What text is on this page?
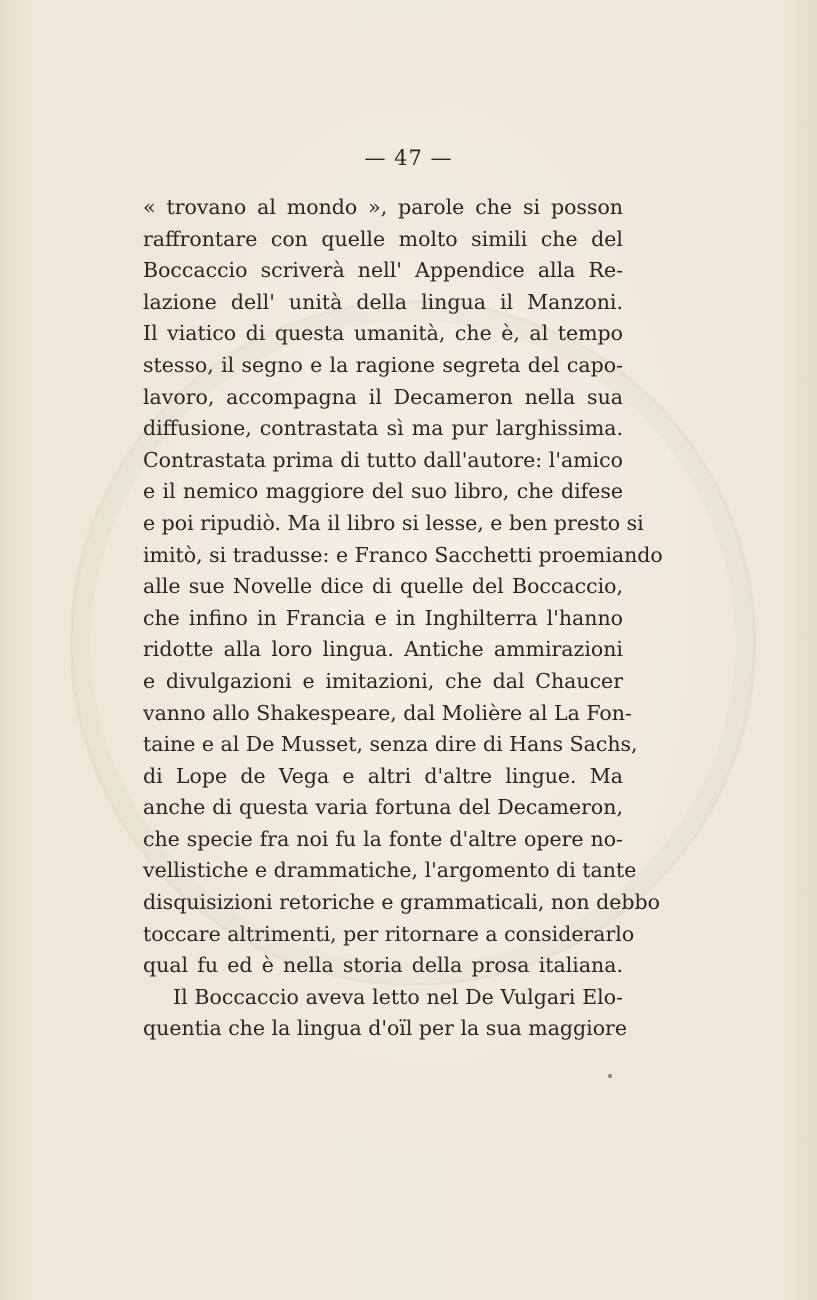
— 47 —
« trovano al mondo », parole che si posson
raffrontare con quelle molto simili che del
Boccaccio scriverà nell' Appendice alla Re-
lazione dell' unità della lingua il Manzoni.
Il viatico di questa umanità, che è, al tempo
stesso, il segno e la ragione segreta del capo-
lavoro, accompagna il Decameron nella sua
diffusione, contrastata sì ma pur larghissima.
Contrastata prima di tutto dall'autore: l'amico
e il nemico maggiore del suo libro, che difese
e poi ripudiò. Ma il libro si lesse, e ben presto si
imitò, si tradusse: e Franco Sacchetti proemiando
alle sue Novelle dice di quelle del Boccaccio,
che infino in Francia e in Inghilterra l'hanno
ridotte alla loro lingua. Antiche ammirazioni
e divulgazioni e imitazioni, che dal Chaucer
vanno allo Shakespeare, dal Molière al La Fon-
taine e al De Musset, senza dire di Hans Sachs,
di Lope de Vega e altri d'altre lingue. Ma
anche di questa varia fortuna del Decameron,
che specie fra noi fu la fonte d'altre opere no-
vellistiche e drammatiche, l'argomento di tante
disquisizioni retoriche e grammaticali, non debbo
toccare altrimenti, per ritornare a considerarlo
qual fu ed è nella storia della prosa italiana.
Il Boccaccio aveva letto nel De Vulgari Elo-
quentia che la lingua d'oïl per la sua maggiore
